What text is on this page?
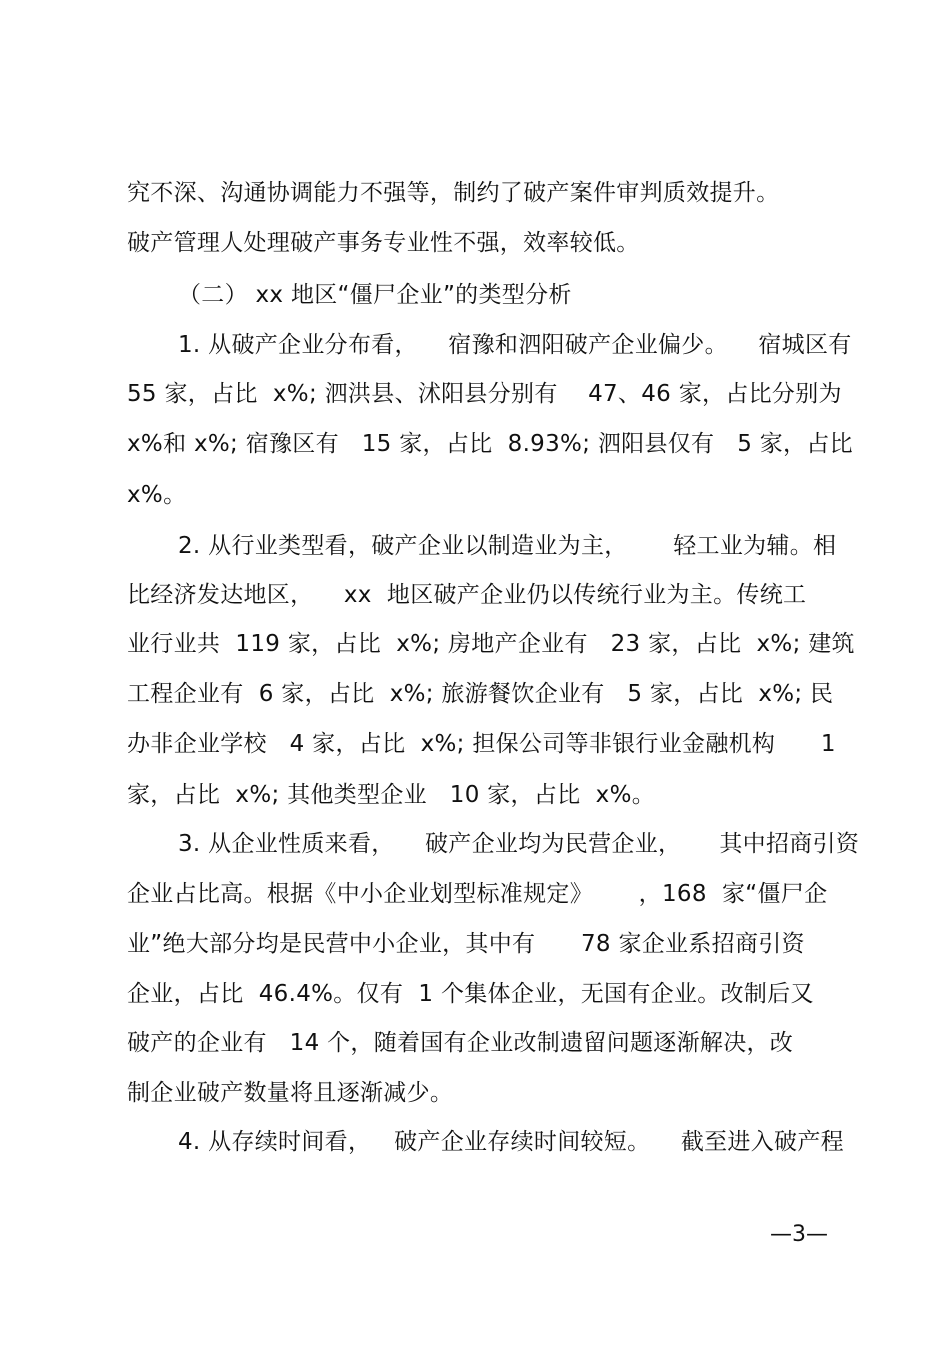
究不深、沟通协调能力不强等，制约了破产案件审判质效提升。
破产管理人处理破产事务专业性不强，效率较低。
（二） xx 地区“僵尸企业”的类型分析
1. 从破产企业分布看，    宿豫和泗阳破产企业偏少。    宿城区有
55 家，占比  x%; 泗洪县、沭阳县分别有    47、46 家，占比分别为
x%和 x%; 宿豫区有   15 家，占比  8.93%; 泗阳县仅有   5 家，占比
x%。
2. 从行业类型看，破产企业以制造业为主，      轻工业为辅。相
比经济发达地区，    xx  地区破产企业仍以传统行业为主。传统工
业行业共  119 家，占比  x%; 房地产企业有   23 家，占比  x%; 建筑
工程企业有  6 家，占比  x%; 旅游餐饮企业有   5 家，占比  x%; 民
办非企业学校   4 家，占比  x%; 担保公司等非银行业金融机构      1
家，占比  x%; 其他类型企业   10 家，占比  x%。
3. 从企业性质来看，    破产企业均为民营企业，     其中招商引资
企业占比高。根据《中小企业划型标准规定》      ，168  家“僵尸企
业”绝大部分均是民营中小企业，其中有      78 家企业系招商引资
企业，占比  46.4%。仅有  1 个集体企业，无国有企业。改制后又
破产的企业有   14 个，随着国有企业改制遗留问题逐渐解决，改
制企业破产数量将且逐渐减少。
4. 从存续时间看，   破产企业存续时间较短。    截至进入破产程
—3—
